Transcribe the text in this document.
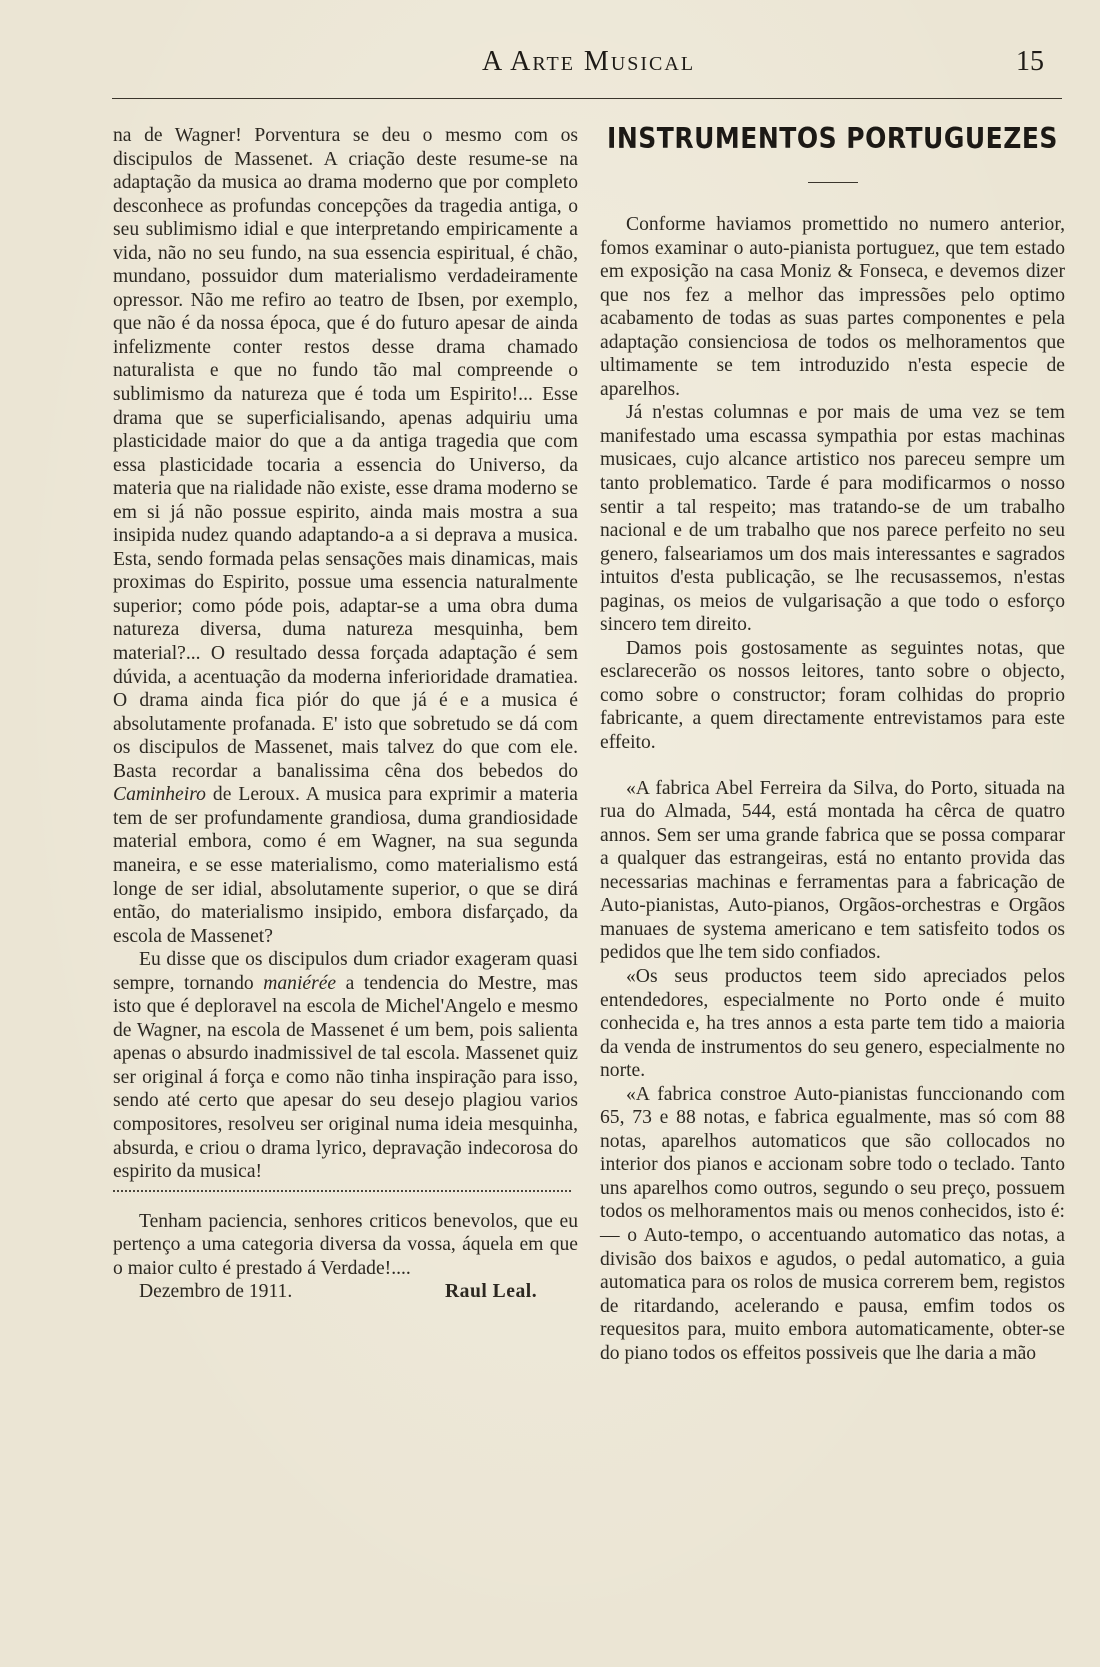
A Arte Musical	15

na de Wagner! Porventura se deu o mesmo com os discipulos de Massenet. A criação deste resume-se na adaptação da musica ao drama moderno que por completo desconhece as profundas concepções da tragedia antiga, o seu sublimismo idial e que interpretando empiricamente a vida, não no seu fundo, na sua essencia espiritual, é chão, mundano, possuidor dum materialismo verdadeiramente opressor. Não me refiro ao teatro de Ibsen, por exemplo, que não é da nossa época, que é do futuro apesar de ainda infelizmente conter restos desse drama chamado naturalista e que no fundo tão mal compreende o sublimismo da natureza que é toda um Espirito!... Esse drama que se superficialisando, apenas adquiriu uma plasticidade maior do que a da antiga tragedia que com essa plasticidade tocaria a essencia do Universo, da materia que na rialidade não existe, esse drama moderno se em si já não possue espirito, ainda mais mostra a sua insipida nudez quando adaptando-a a si deprava a musica. Esta, sendo formada pelas sensações mais dinamicas, mais proximas do Espirito, possue uma essencia naturalmente superior; como póde pois, adaptar-se a uma obra duma natureza diversa, duma natureza mesquinha, bem material?... O resultado dessa forçada adaptação é sem dúvida, a acentuação da moderna inferioridade dramatiea. O drama ainda fica piór do que já é e a musica é absolutamente profanada. E' isto que sobretudo se dá com os discipulos de Massenet, mais talvez do que com ele. Basta recordar a banalissima cêna dos bebedos do Caminheiro de Leroux. A musica para exprimir a materia tem de ser profundamente grandiosa, duma grandiosidade material embora, como é em Wagner, na sua segunda maneira, e se esse materialismo, como materialismo está longe de ser idial, absolutamente superior, o que se dirá então, do materialismo insipido, embora disfarçado, da escola de Massenet?

Eu disse que os discipulos dum criador exageram quasi sempre, tornando maniérée a tendencia do Mestre, mas isto que é deploravel na escola de Michel'Angelo e mesmo de Wagner, na escola de Massenet é um bem, pois salienta apenas o absurdo inadmissivel de tal escola. Massenet quiz ser original á força e como não tinha inspiração para isso, sendo até certo que apesar do seu desejo plagiou varios compositores, resolveu ser original numa ideia mesquinha, absurda, e criou o drama lyrico, depravação indecorosa do espirito da musica!

Tenham paciencia, senhores criticos benevolos, que eu pertenço a uma categoria diversa da vossa, áquela em que o maior culto é prestado á Verdade!....

Dezembro de 1911.	Raul Leal.
INSTRUMENTOS PORTUGUEZES

Conforme haviamos promettido no numero anterior, fomos examinar o auto-pianista portuguez, que tem estado em exposição na casa Moniz & Fonseca, e devemos dizer que nos fez a melhor das impressões pelo optimo acabamento de todas as suas partes componentes e pela adaptação consienciosa de todos os melhoramentos que ultimamente se tem introduzido n'esta especie de aparelhos.

Já n'estas columnas e por mais de uma vez se tem manifestado uma escassa sympathia por estas machinas musicaes, cujo alcance artistico nos pareceu sempre um tanto problematico. Tarde é para modificarmos o nosso sentir a tal respeito; mas tratando-se de um trabalho nacional e de um trabalho que nos parece perfeito no seu genero, falseariamos um dos mais interessantes e sagrados intuitos d'esta publicação, se lhe recusassemos, n'estas paginas, os meios de vulgarisação a que todo o esforço sincero tem direito.

Damos pois gostosamente as seguintes notas, que esclarecerão os nossos leitores, tanto sobre o objecto, como sobre o constructor; foram colhidas do proprio fabricante, a quem directamente entrevistamos para este effeito.

«A fabrica Abel Ferreira da Silva, do Porto, situada na rua do Almada, 544, está montada ha cêrca de quatro annos. Sem ser uma grande fabrica que se possa comparar a qualquer das estrangeiras, está no entanto provida das necessarias machinas e ferramentas para a fabricação de Auto-pianistas, Auto-pianos, Orgãos-orchestras e Orgãos manuaes de systema americano e tem satisfeito todos os pedidos que lhe tem sido confiados.

«Os seus productos teem sido apreciados pelos entendedores, especialmente no Porto onde é muito conhecida e, ha tres annos a esta parte tem tido a maioria da venda de instrumentos do seu genero, especialmente no norte.

«A fabrica constroe Auto-pianistas funccionando com 65, 73 e 88 notas, e fabrica egualmente, mas só com 88 notas, aparelhos automaticos que são collocados no interior dos pianos e accionam sobre todo o teclado. Tanto uns aparelhos como outros, segundo o seu preço, possuem todos os melhoramentos mais ou menos conhecidos, isto é: — o Auto-tempo, o accentuando automatico das notas, a divisão dos baixos e agudos, o pedal automatico, a guia automatica para os rolos de musica correrem bem, registos de ritardando, acelerando e pausa, emfim todos os requesitos para, muito embora automaticamente, obter-se do piano todos os effeitos possiveis que lhe daria a mão
